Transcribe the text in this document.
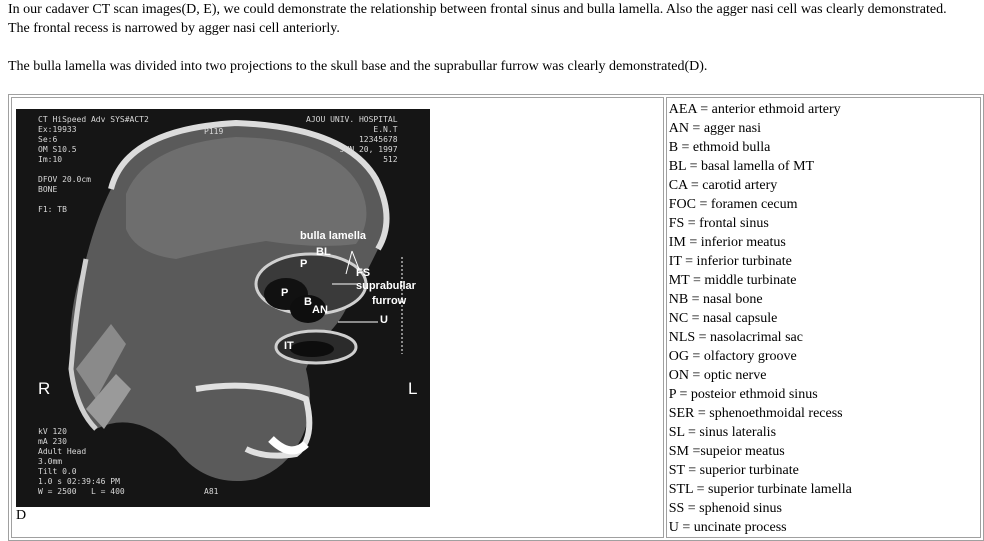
In our cadaver CT scan images(D, E), we could demonstrate the relationship between frontal sinus and bulla lamella. Also the agger nasi cell was clearly demonstrated. The frontal recess is narrowed by agger nasi cell anteriorly.

The bulla lamella was divided into two projections to the skull base and the suprabullar furrow was clearly demonstrated(D).

CT HiSpeed Adv SYS#ACT2
Ex:19933
Se:6
OM S10.5
Im:10

DFOV 20.0cm
BONE

F1: TB
P119
AJOU UNIV. HOSPITAL
E.N.T
12345678
JUN 20, 1997
512
kV 120
mA 230
Adult Head
3.0mm
Tilt 0.0
1.0 s 02:39:46 PM
W = 2500   L = 400	A81
R	L
bulla lamella
BL
P
FS
suprabullar
furrow
P
B
AN
U
IT
D

AEA = anterior ethmoid artery
AN = agger nasi
B = ethmoid bulla
BL = basal lamella of MT
CA = carotid artery
FOC = foramen cecum
FS = frontal sinus
IM = inferior meatus
IT = inferior turbinate
MT = middle turbinate
NB = nasal bone
NC = nasal capsule
NLS = nasolacrimal sac
OG = olfactory groove
ON = optic nerve
P = posteior ethmoid sinus
SER = sphenoethmoidal recess
SL = sinus lateralis
SM =supeior meatus
ST = superior turbinate
STL = superior turbinate lamella
SS = sphenoid sinus
U = uncinate process
